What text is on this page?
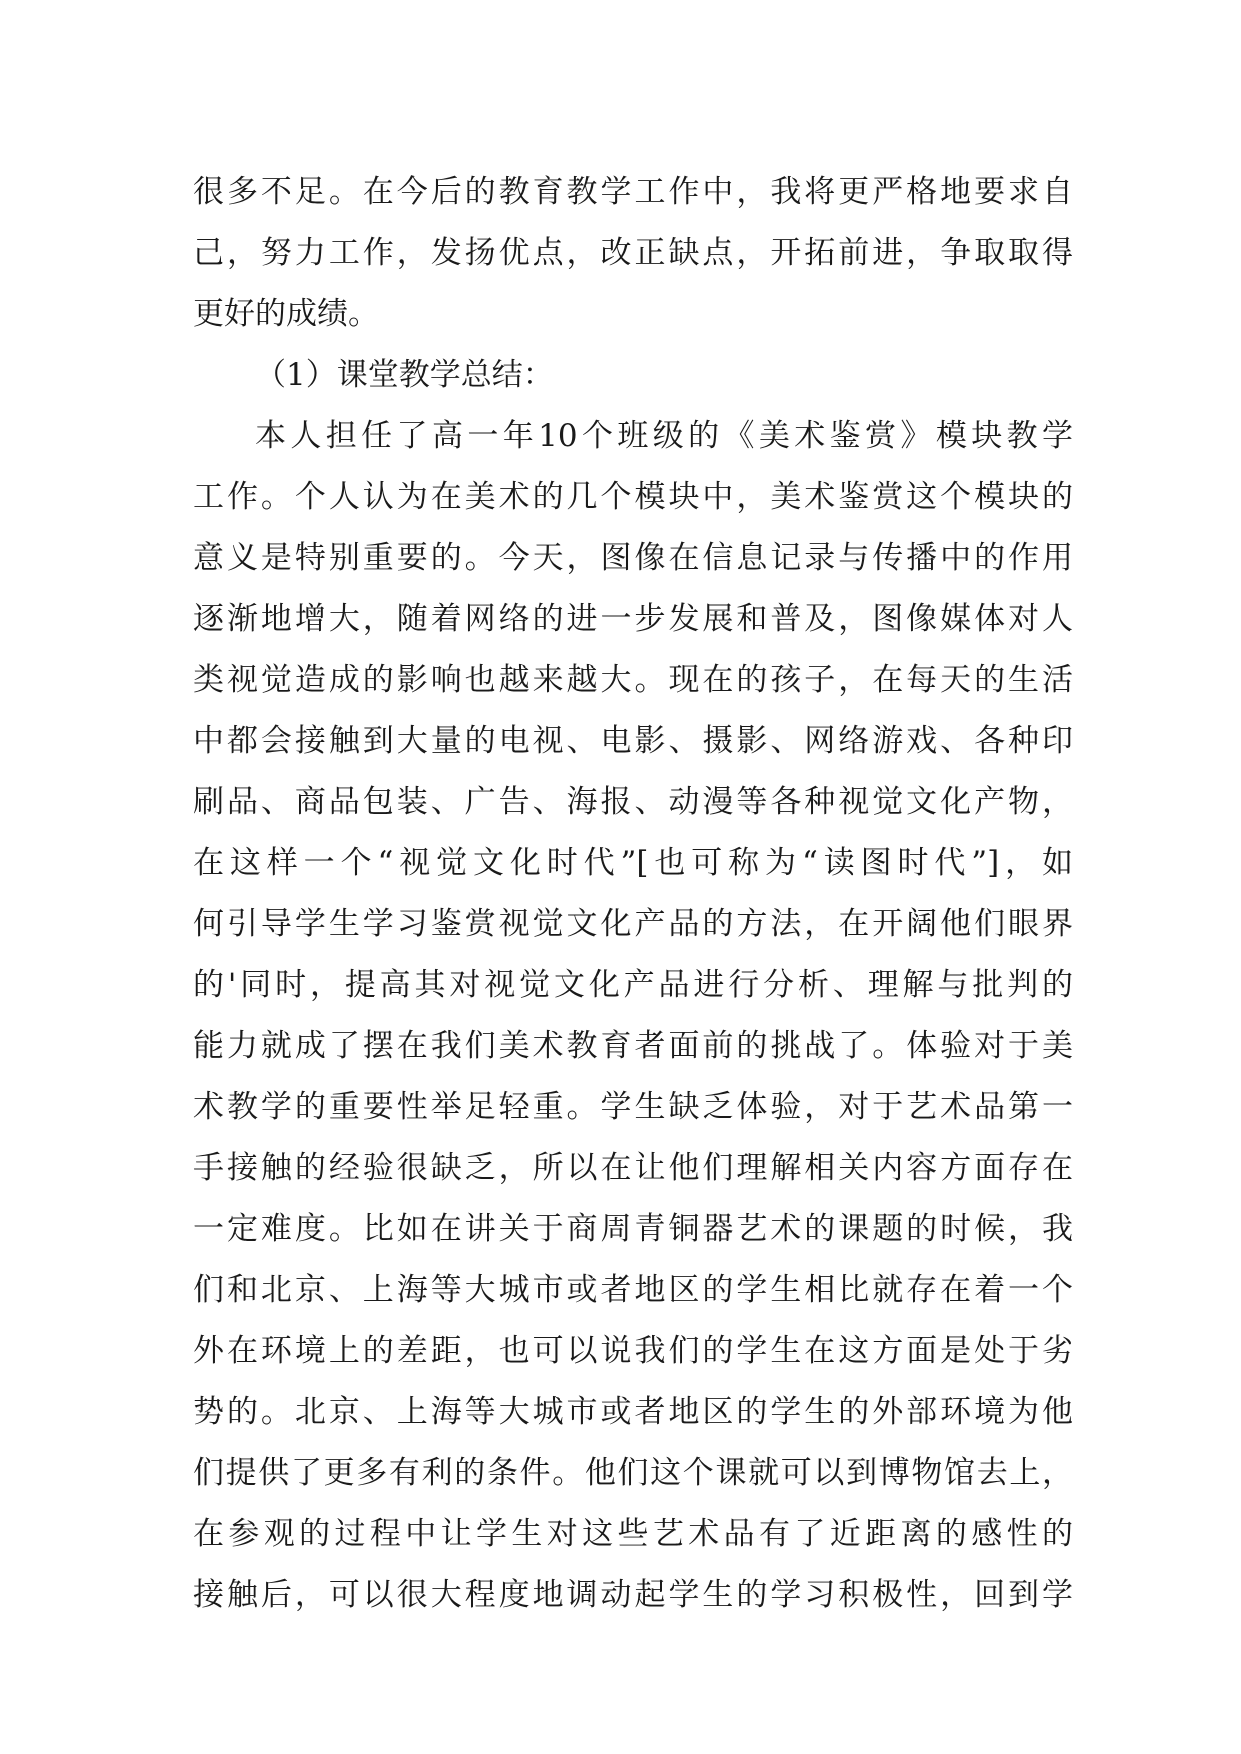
很多不足。在今后的教育教学工作中，我将更严格地要求自
己，努力工作，发扬优点，改正缺点，开拓前进，争取取得
更好的成绩。
（1）课堂教学总结：
本人担任了高一年10个班级的《美术鉴赏》模块教学
工作。个人认为在美术的几个模块中，美术鉴赏这个模块的
意义是特别重要的。今天，图像在信息记录与传播中的作用
逐渐地增大，随着网络的进一步发展和普及，图像媒体对人
类视觉造成的影响也越来越大。现在的孩子，在每天的生活
中都会接触到大量的电视、电影、摄影、网络游戏、各种印
刷品、商品包装、广告、海报、动漫等各种视觉文化产物，
在这样一个“视觉文化时代”[也可称为“读图时代”]，如
何引导学生学习鉴赏视觉文化产品的方法，在开阔他们眼界
的'同时，提高其对视觉文化产品进行分析、理解与批判的
能力就成了摆在我们美术教育者面前的挑战了。体验对于美
术教学的重要性举足轻重。学生缺乏体验，对于艺术品第一
手接触的经验很缺乏，所以在让他们理解相关内容方面存在
一定难度。比如在讲关于商周青铜器艺术的课题的时候，我
们和北京、上海等大城市或者地区的学生相比就存在着一个
外在环境上的差距，也可以说我们的学生在这方面是处于劣
势的。北京、上海等大城市或者地区的学生的外部环境为他
们提供了更多有利的条件。他们这个课就可以到博物馆去上，
在参观的过程中让学生对这些艺术品有了近距离的感性的
接触后，可以很大程度地调动起学生的学习积极性，回到学
